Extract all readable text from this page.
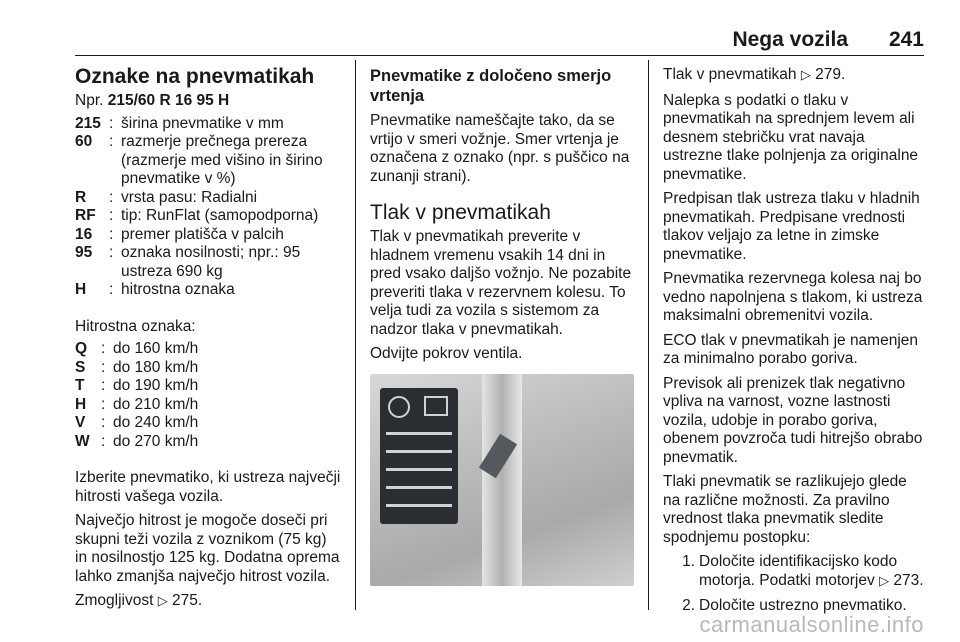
Nega vozila 241
Oznake na pnevmatikah

Npr. 215/60 R 16 95 H

215 : širina pnevmatike v mm
60	: razmerje prečnega prereza (razmerje med višino in širino pnevmatike v %)
R	: vrsta pasu: Radialni
RF : tip: RunFlat (samopodporna)
16	: premer platišča v palcih
95	: oznaka nosilnosti; npr.: 95 ustreza 690 kg
H	: hitrostna oznaka

Hitrostna oznaka:

Q : do 160 km/h
S	: do 180 km/h
T	: do 190 km/h
H : do 210 km/h
V	: do 240 km/h
W : do 270 km/h

Izberite pnevmatiko, ki ustreza največji hitrosti vašega vozila.

Največjo hitrost je mogoče doseči pri skupni teži vozila z voznikom (75 kg) in nosilnostjo 125 kg. Dodatna oprema lahko zmanjša največjo hitrost vozila.

Zmogljivost ▷ 275.

Pnevmatike z določeno smerjo vrtenja

Pnevmatike nameščajte tako, da se vrtijo v smeri vožnje. Smer vrtenja je označena z oznako (npr. s puščico na zunanji strani).

Tlak v pnevmatikah

Tlak v pnevmatikah preverite v hladnem vremenu vsakih 14 dni in pred vsako daljšo vožnjo. Ne pozabite preveriti tlaka v rezervnem kolesu. To velja tudi za vozila s sistemom za nadzor tlaka v pnevmatikah.

Odvijte pokrov ventila.

Tlak v pnevmatikah ▷ 279.

Nalepka s podatki o tlaku v pnevmatikah na sprednjem levem ali desnem stebričku vrat navaja ustrezne tlake polnjenja za originalne pnevmatike.

Predpisan tlak ustreza tlaku v hladnih pnevmatikah. Predpisane vrednosti tlakov veljajo za letne in zimske pnevmatike.

Pnevmatika rezervnega kolesa naj bo vedno napolnjena s tlakom, ki ustreza maksimalni obremenitvi vozila.

ECO tlak v pnevmatikah je namenjen za minimalno porabo goriva.

Previsok ali prenizek tlak negativno vpliva na varnost, vozne lastnosti vozila, udobje in porabo goriva, obenem povzroča tudi hitrejšo obrabo pnevmatik.

Tlaki pnevmatik se razlikujejo glede na različne možnosti. Za pravilno vrednost tlaka pnevmatik sledite spodnjemu postopku:

1. Določite identifikacijsko kodo motorja. Podatki motorjev ▷ 273.
2. Določite ustrezno pnevmatiko.
carmanualsonline.info
